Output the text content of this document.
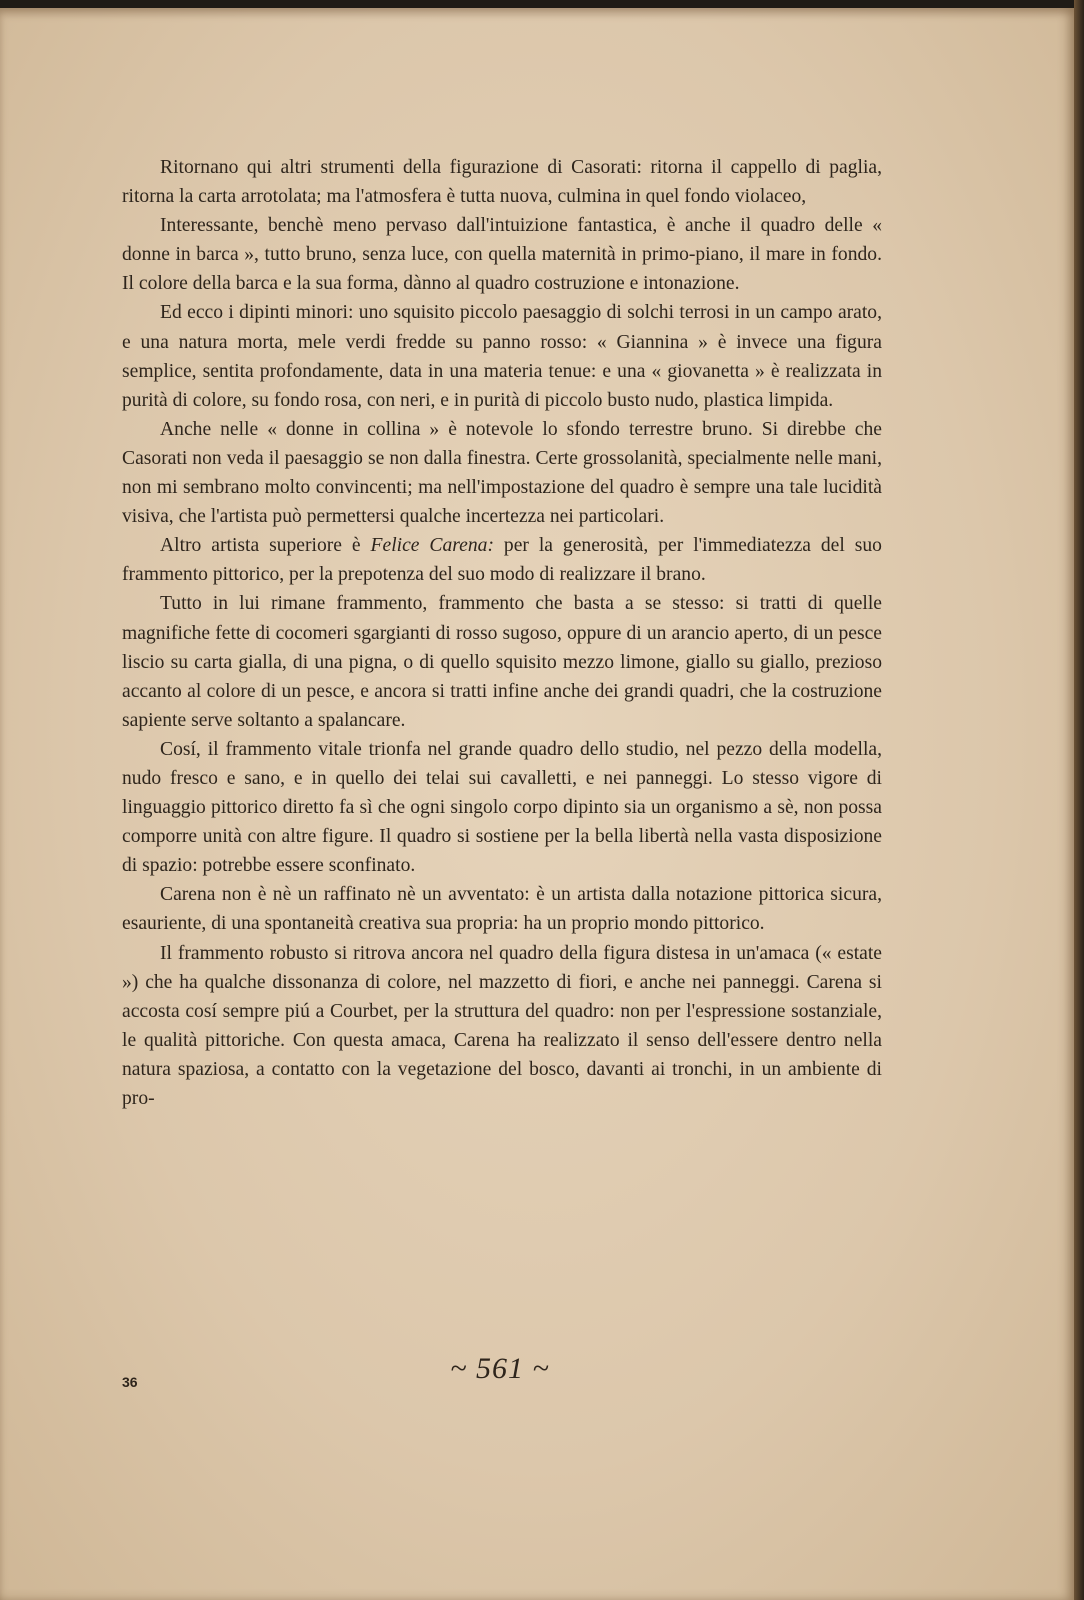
Ritornano qui altri strumenti della figurazione di Casorati: ritorna il cappello di paglia, ritorna la carta arrotolata; ma l'atmosfera è tutta nuova, culmina in quel fondo violaceo,

Interessante, benchè meno pervaso dall'intuizione fantastica, è anche il quadro delle « donne in barca », tutto bruno, senza luce, con quella maternità in primo-piano, il mare in fondo. Il colore della barca e la sua forma, dànno al quadro costruzione e intonazione.

Ed ecco i dipinti minori: uno squisito piccolo paesaggio di solchi terrosi in un campo arato, e una natura morta, mele verdi fredde su panno rosso: « Giannina » è invece una figura semplice, sentita profondamente, data in una materia tenue: e una « giovanetta » è realizzata in purità di colore, su fondo rosa, con neri, e in purità di piccolo busto nudo, plastica limpida.

Anche nelle « donne in collina » è notevole lo sfondo terrestre bruno. Si direbbe che Casorati non veda il paesaggio se non dalla finestra. Certe grossolanità, specialmente nelle mani, non mi sembrano molto convincenti; ma nell'impostazione del quadro è sempre una tale lucidità visiva, che l'artista può permettersi qualche incertezza nei particolari.

Altro artista superiore è Felice Carena: per la generosità, per l'immediatezza del suo frammento pittorico, per la prepotenza del suo modo di realizzare il brano.

Tutto in lui rimane frammento, frammento che basta a se stesso: si tratti di quelle magnifiche fette di cocomeri sgargianti di rosso sugoso, oppure di un arancio aperto, di un pesce liscio su carta gialla, di una pigna, o di quello squisito mezzo limone, giallo su giallo, prezioso accanto al colore di un pesce, e ancora si tratti infine anche dei grandi quadri, che la costruzione sapiente serve soltanto a spalancare.

Cosí, il frammento vitale trionfa nel grande quadro dello studio, nel pezzo della modella, nudo fresco e sano, e in quello dei telai sui cavalletti, e nei panneggi. Lo stesso vigore di linguaggio pittorico diretto fa sì che ogni singolo corpo dipinto sia un organismo a sè, non possa comporre unità con altre figure. Il quadro si sostiene per la bella libertà nella vasta disposizione di spazio: potrebbe essere sconfinato.

Carena non è nè un raffinato nè un avventato: è un artista dalla notazione pittorica sicura, esauriente, di una spontaneità creativa sua propria: ha un proprio mondo pittorico.

Il frammento robusto si ritrova ancora nel quadro della figura distesa in un'amaca (« estate ») che ha qualche dissonanza di colore, nel mazzetto di fiori, e anche nei panneggi. Carena si accosta cosí sempre piú a Courbet, per la struttura del quadro: non per l'espressione sostanziale, le qualità pittoriche. Con questa amaca, Carena ha realizzato il senso dell'essere dentro nella natura spaziosa, a contatto con la vegetazione del bosco, davanti ai tronchi, in un ambiente di pro-

36	~ 561 ~
